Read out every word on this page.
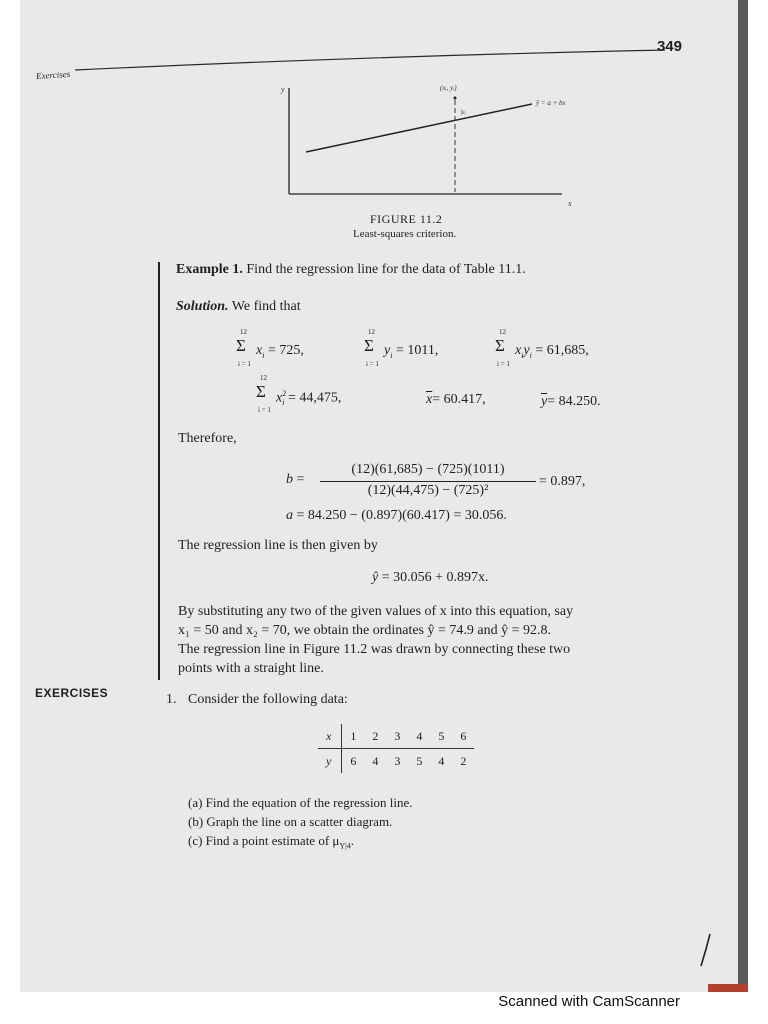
Exercises
349
y
x
(xᵢ, yᵢ)
|εᵢ
ŷ = a + bx
FIGURE 11.2
Least-squares criterion.
Example 1. Find the regression line for the data of Table 11.1.
Solution. We find that
12
Σ
i = 1
$x_i = 725$,
12
Σ
i = 1
$y_i = 1011$,
12
Σ
i = 1
$x_iy_i = 61,685$,
12
Σ
i = 1
$x^2_i = 44,475$,	$\overline{x}= 60.417$,	$\overline{y}= 84.250$.
Therefore,
b =
(12)(61,685) − (725)(1011)
(12)(44,475) − (725)²
= 0.897,
a = 84.250 − (0.897)(60.417) = 30.056.
The regression line is then given by
ŷ = 30.056 + 0.897x.
By substituting any two of the given values of x into this equation, say
x₁ = 50 and x₂ = 70, we obtain the ordinates ŷ = 74.9 and ŷ = 92.8.
The regression line in Figure 11.2 was drawn by connecting these two
points with a straight line.
EXERCISES	1. Consider the following data:
x	1	2	3	4	5	6
y	6	4	3	5	4	2
(a) Find the equation of the regression line.
(b) Graph the line on a scatter diagram.
(c) Find a point estimate of $\mu_{Y|4}$.
Scanned with CamScanner
